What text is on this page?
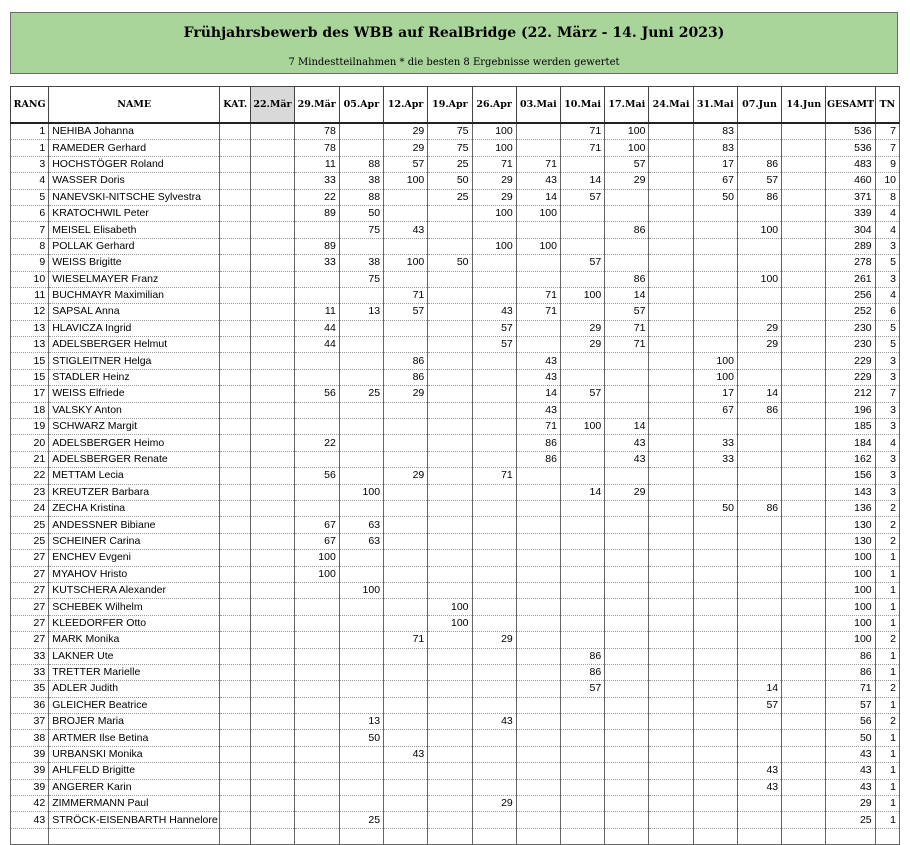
Frühjahrsbewerb des WBB auf RealBridge (22. März - 14. Juni 2023)
7 Mindestteilnahmen * die besten 8 Ergebnisse werden gewertet
RANG	NAME	KAT.	22.Mär	29.Mär	05.Apr	12.Apr	19.Apr	26.Apr	03.Mai	10.Mai	17.Mai	24.Mai	31.Mai	07.Jun	14.Jun	GESAMT	TN
1	NEHIBA Johanna			78		29	75	100		71	100		83			536	7
1	RAMEDER Gerhard			78		29	75	100		71	100		83			536	7
3	HOCHSTÖGER Roland			11	88	57	25	71	71		57		17	86		483	9
4	WASSER Doris			33	38	100	50	29	43	14	29		67	57		460	10
5	NANEVSKI-NITSCHE Sylvestra			22	88		25	29	14	57			50	86		371	8
6	KRATOCHWIL Peter			89	50			100	100							339	4
7	MEISEL Elisabeth				75	43					86			100		304	4
8	POLLAK Gerhard			89				100	100							289	3
9	WEISS Brigitte			33	38	100	50			57						278	5
10	WIESELMAYER Franz				75						86			100		261	3
11	BUCHMAYR Maximilian					71			71	100	14					256	4
12	SAPSAL Anna			11	13	57		43	71		57					252	6
13	HLAVICZA Ingrid			44				57		29	71			29		230	5
13	ADELSBERGER Helmut			44				57		29	71			29		230	5
15	STIGLEITNER Helga					86			43				100			229	3
15	STADLER Heinz					86			43				100			229	3
17	WEISS Elfriede			56	25	29			14	57			17	14		212	7
18	VALSKY Anton								43				67	86		196	3
19	SCHWARZ Margit								71	100	14					185	3
20	ADELSBERGER Heimo			22					86		43		33			184	4
21	ADELSBERGER Renate								86		43		33			162	3
22	METTAM Lecia			56		29		71								156	3
23	KREUTZER Barbara				100					14	29					143	3
24	ZECHA Kristina												50	86		136	2
25	ANDESSNER Bibiane			67	63											130	2
25	SCHEINER Carina			67	63											130	2
27	ENCHEV Evgeni			100												100	1
27	MYAHOV Hristo			100												100	1
27	KUTSCHERA Alexander				100											100	1
27	SCHEBEK Wilhelm						100									100	1
27	KLEEDORFER Otto						100									100	1
27	MARK Monika					71		29								100	2
33	LAKNER Ute									86						86	1
33	TRETTER Marielle									86						86	1
35	ADLER Judith									57				14		71	2
36	GLEICHER Beatrice													57		57	1
37	BROJER Maria				13			43								56	2
38	ARTMER Ilse Betina				50											50	1
39	URBANSKI Monika					43										43	1
39	AHLFELD Brigitte													43		43	1
39	ANGERER Karin													43		43	1
42	ZIMMERMANN Paul							29								29	1
43	STRÖCK-EISENBARTH Hannelore				25											25	1
